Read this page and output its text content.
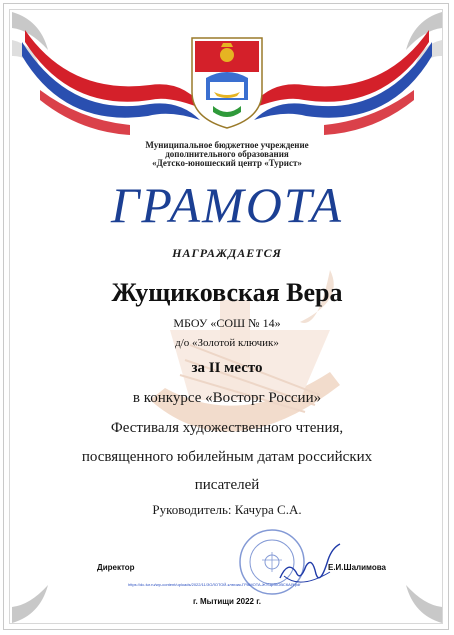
Муниципальное бюджетное учреждение
дополнительного образования
«Детско-юношеский центр «Турист»
ГРАМОТА
НАГРАЖДАЕТСЯ
Жущиковская Вера
МБОУ «СОШ № 14»
д/о «Золотой ключик»
за II место
в конкурсе «Восторг России»
Фестиваля художественного чтения,
посвященного юбилейным датам российских
писателей
Руководитель: Качура С.А.
Директор	Е.И.Шалимова
https://dc-tur.ru/wp-content/uploads/2022/11/ЗОЛОТОЙ-ключик-ГРАМОТА-ЖУЩИКОВСКАЯ.pdf
г. Мытищи 2022 г.
